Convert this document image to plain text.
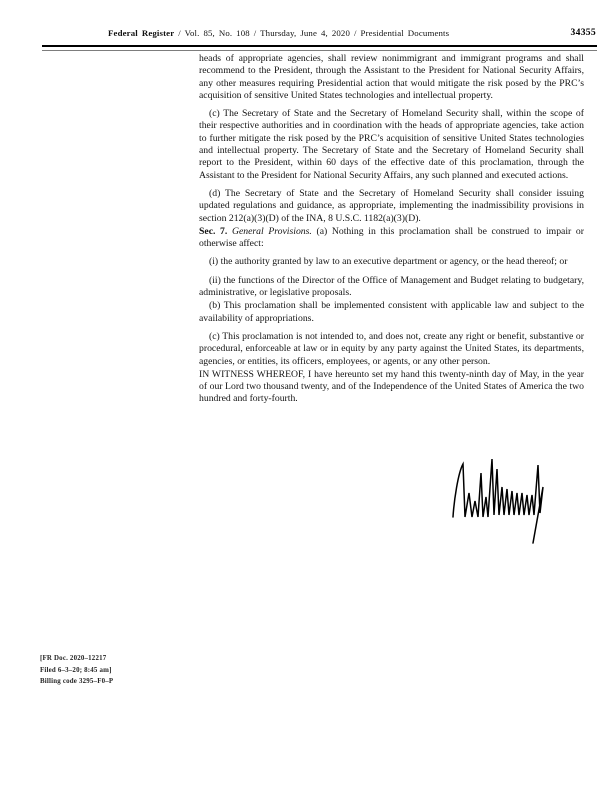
Federal Register / Vol. 85, No. 108 / Thursday, June 4, 2020 / Presidential Documents	34355

heads of appropriate agencies, shall review nonimmigrant and immigrant programs and shall recommend to the President, through the Assistant to the President for National Security Affairs, any other measures requiring Presidential action that would mitigate the risk posed by the PRC’s acquisition of sensitive United States technologies and intellectual property.

(c) The Secretary of State and the Secretary of Homeland Security shall, within the scope of their respective authorities and in coordination with the heads of appropriate agencies, take action to further mitigate the risk posed by the PRC’s acquisition of sensitive United States technologies and intellectual property. The Secretary of State and the Secretary of Homeland Security shall report to the President, within 60 days of the effective date of this proclamation, through the Assistant to the President for National Security Affairs, any such planned and executed actions.

(d) The Secretary of State and the Secretary of Homeland Security shall consider issuing updated regulations and guidance, as appropriate, implementing the inadmissibility provisions in section 212(a)(3)(D) of the INA, 8 U.S.C. 1182(a)(3)(D).

Sec. 7. General Provisions. (a) Nothing in this proclamation shall be construed to impair or otherwise affect:

(i) the authority granted by law to an executive department or agency, or the head thereof; or

(ii) the functions of the Director of the Office of Management and Budget relating to budgetary, administrative, or legislative proposals.

(b) This proclamation shall be implemented consistent with applicable law and subject to the availability of appropriations.

(c) This proclamation is not intended to, and does not, create any right or benefit, substantive or procedural, enforceable at law or in equity by any party against the United States, its departments, agencies, or entities, its officers, employees, or agents, or any other person.

IN WITNESS WHEREOF, I have hereunto set my hand this twenty-ninth day of May, in the year of our Lord two thousand twenty, and of the Independence of the United States of America the two hundred and forty-fourth.

[FR Doc. 2020–12217
Filed 6–3–20; 8:45 am]
Billing code 3295–F0–P
